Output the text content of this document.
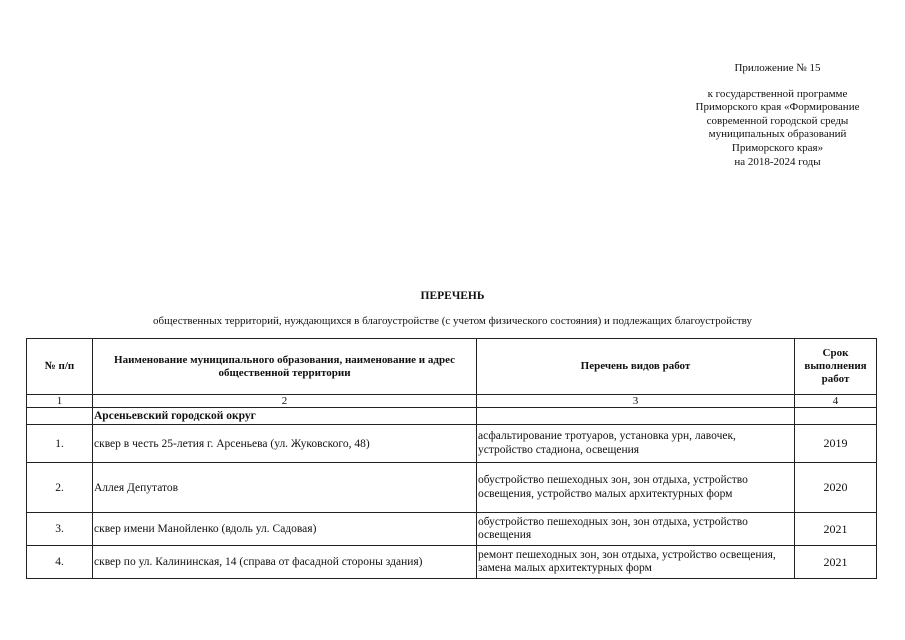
Приложение № 15
к государственной программе
Приморского края «Формирование
современной городской среды
муниципальных образований
Приморского края»
на 2018-2024 годы
ПЕРЕЧЕНЬ
общественных территорий, нуждающихся в благоустройстве (с учетом физического состояния) и подлежащих благоустройству
№ п/п	Наименование муниципального образования, наименование и адрес общественной территории	Перечень видов работ	Срок выполнения работ
1	2	3	4
	Арсеньевский городской округ		
1.	сквер в честь 25-летия г. Арсеньева (ул. Жуковского, 48)	асфальтирование тротуаров, установка урн, лавочек, устройство стадиона, освещения	2019
2.	Аллея Депутатов	обустройство пешеходных зон, зон отдыха, устройство освещения, устройство малых архитектурных форм	2020
3.	сквер имени Манойленко (вдоль ул. Садовая)	обустройство пешеходных зон, зон отдыха, устройство освещения	2021
4.	сквер по ул. Калининская, 14 (справа от фасадной стороны здания)	ремонт пешеходных зон, зон отдыха, устройство освещения, замена малых архитектурных форм	2021
